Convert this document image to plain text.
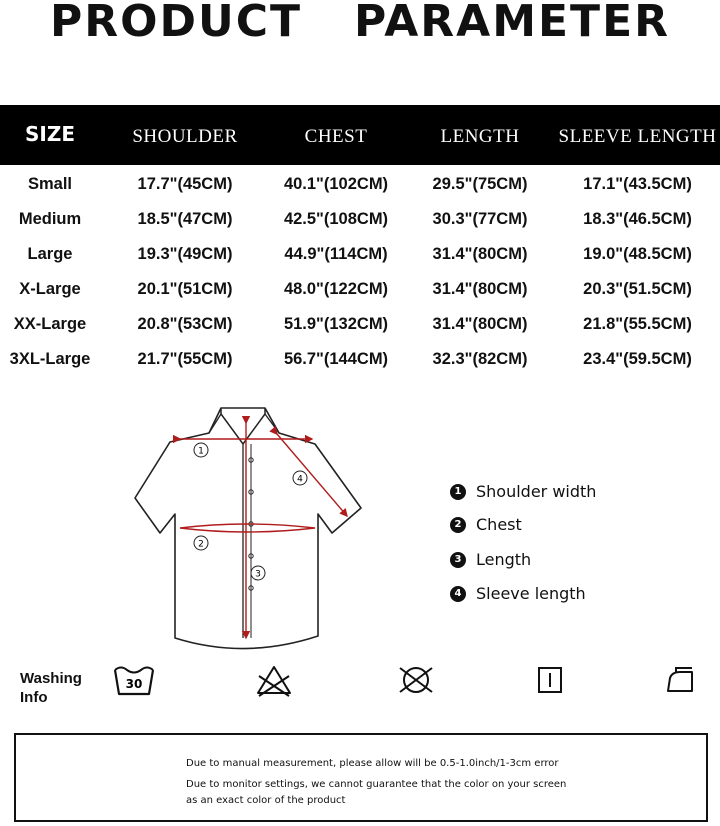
PRODUCT   PARAMETER
SIZE	SHOULDER	CHEST	LENGTH	SLEEVE LENGTH
Small	17.7"(45CM)	40.1"(102CM)	29.5"(75CM)	17.1"(43.5CM)
Medium	18.5"(47CM)	42.5"(108CM)	30.3"(77CM)	18.3"(46.5CM)
Large	19.3"(49CM)	44.9"(114CM)	31.4"(80CM)	19.0"(48.5CM)
X-Large	20.1"(51CM)	48.0"(122CM)	31.4"(80CM)	20.3"(51.5CM)
XX-Large	20.8"(53CM)	51.9"(132CM)	31.4"(80CM)	21.8"(55.5CM)
3XL-Large	21.7"(55CM)	56.7"(144CM)	32.3"(82CM)	23.4"(59.5CM)
1
2
3
4
1 Shoulder width
2 Chest
3 Length
4 Sleeve length
Washing Info
30
Due to manual measurement, please allow will be 0.5-1.0inch/1-3cm error
Due to monitor settings, we cannot guarantee that the color on your screen
as an exact color of the product
